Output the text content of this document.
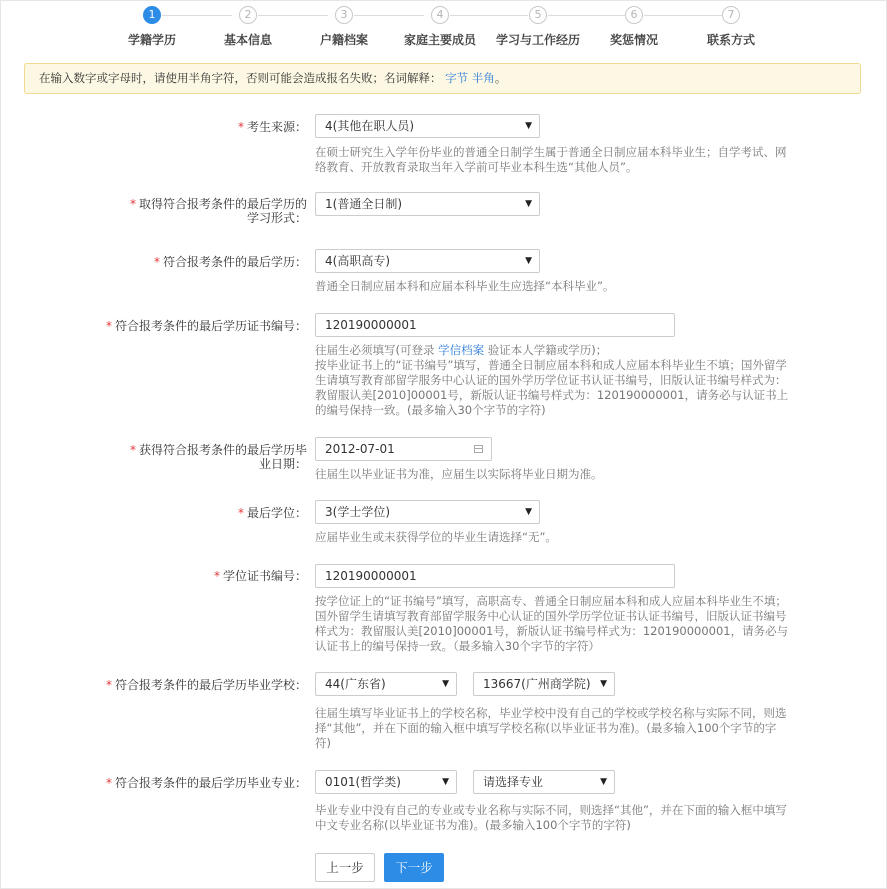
1
学籍学历
2
基本信息
3
户籍档案
4
家庭主要成员
5
学习与工作经历
6
奖惩情况
7
联系方式
在输入数字或字母时，请使用半角字符，否则可能会造成报名失败；名词解释： 字节 半角。
* 考生来源：	4(其他在职人员)	▼
在硕士研究生入学年份毕业的普通全日制学生属于普通全日制应届本科毕业生；自学考试、网络教育、开放教育录取当年入学前可毕业本科生选“其他人员”。
* 取得符合报考条件的最后学历的学习形式：
1(普通全日制)	▼
* 符合报考条件的最后学历：	4(高职高专)	▼
普通全日制应届本科和应届本科毕业生应选择“本科毕业”。
* 符合报考条件的最后学历证书编号：	120190000001
往届生必须填写(可登录 学信档案 验证本人学籍或学历)；
按毕业证书上的“证书编号”填写，普通全日制应届本科和成人应届本科毕业生不填；国外留学生请填写教育部留学服务中心认证的国外学历学位证书认证书编号，旧版认证书编号样式为：教留服认美[2010]00001号，新版认证书编号样式为：120190000001，请务必与认证书上的编号保持一致。(最多输入30个字节的字符)
* 获得符合报考条件的最后学历毕业日期：
2012-07-01
往届生以毕业证书为准，应届生以实际将毕业日期为准。
* 最后学位：	3(学士学位)	▼
应届毕业生或未获得学位的毕业生请选择“无”。
* 学位证书编号：	120190000001
按学位证上的“证书编号”填写，高职高专、普通全日制应届本科和成人应届本科毕业生不填；国外留学生请填写教育部留学服务中心认证的国外学历学位证书认证书编号，旧版认证书编号样式为：教留服认美[2010]00001号，新版认证书编号样式为：120190000001，请务必与认证书上的编号保持一致。（最多输入30个字节的字符）
* 符合报考条件的最后学历毕业学校：	44(广东省)	▼	13667(广州商学院) ▼
往届生填写毕业证书上的学校名称，毕业学校中没有自己的学校或学校名称与实际不同，则选择“其他”，并在下面的输入框中填写学校名称(以毕业证书为准)。(最多输入100个字节的字符)
* 符合报考条件的最后学历毕业专业：	0101(哲学类)	▼	请选择专业	▼
毕业专业中没有自己的专业或专业名称与实际不同，则选择“其他”，并在下面的输入框中填写中文专业名称(以毕业证书为准)。(最多输入100个字节的字符)
上一步	下一步
